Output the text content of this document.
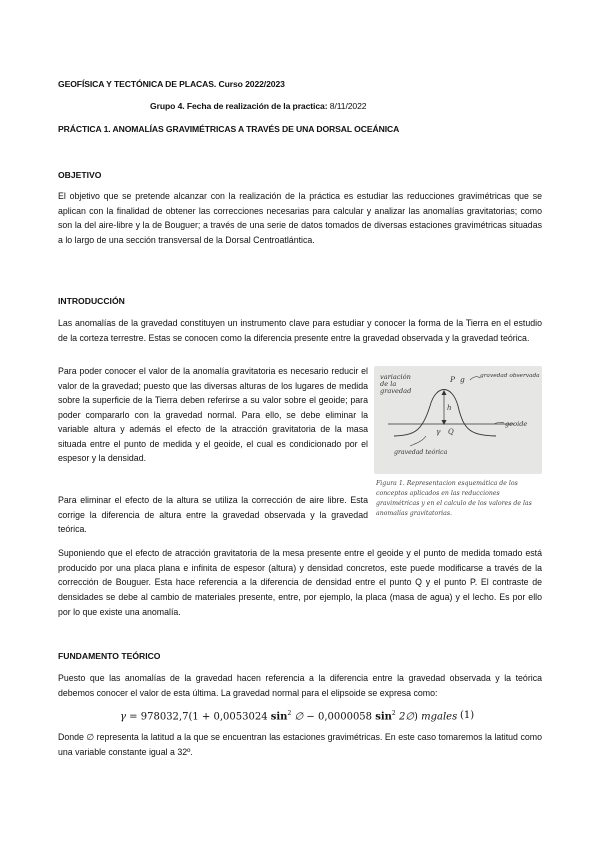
GEOFÍSICA Y TECTÓNICA DE PLACAS. Curso 2022/2023
Grupo 4. Fecha de realización de la practica: 8/11/2022
PRÁCTICA 1. ANOMALÍAS GRAVIMÉTRICAS A TRAVÉS DE UNA DORSAL OCEÁNICA
OBJETIVO
El objetivo que se pretende alcanzar con la realización de la práctica es estudiar las reducciones gravimétricas que se aplican con la finalidad de obtener las correcciones necesarias para calcular y analizar las anomalías gravitatorias; como son la del aire-libre y la de Bouguer; a través de una serie de datos tomados de diversas estaciones gravimétricas situadas a lo largo de una sección transversal de la Dorsal Centroatlántica.
INTRODUCCIÓN
Las anomalías de la gravedad constituyen un instrumento clave para estudiar y conocer la forma de la Tierra en el estudio de la corteza terrestre. Estas se conocen como la diferencia presente entre la gravedad observada y la gravedad teórica.
Para poder conocer el valor de la anomalía gravitatoria es necesario reducir el valor de la gravedad; puesto que las diversas alturas de los lugares de medida sobre la superficie de la Tierra deben referirse a su valor sobre el geoide; para poder compararlo con la gravedad normal. Para ello, se debe eliminar la variable altura y además el efecto de la atracción gravitatoria de la masa situada entre el punto de medida y el geoide, el cual es condicionado por el espesor y la densidad.
Para eliminar el efecto de la altura se utiliza la corrección de aire libre. Esta corrige la diferencia de altura entre la gravedad observada y la gravedad teórica.
variación de la gravedad
P g	gravedad observada
h
geoide
γ Q
gravedad teórica
Figura 1. Representacion esquemática de los conceptos aplicados en las reducciones gravimétricas y en el calculo de los valores de las anomalías gravitatorias.
Suponiendo que el efecto de atracción gravitatoria de la mesa presente entre el geoide y el punto de medida tomado está producido por una placa plana e infinita de espesor (altura) y densidad concretos, este puede modificarse a través de la corrección de Bouguer. Esta hace referencia a la diferencia de densidad entre el punto Q y el punto P. El contraste de densidades se debe al cambio de materiales presente, entre, por ejemplo, la placa (masa de agua) y el lecho. Es por ello por lo que existe una anomalía.
FUNDAMENTO TEÓRICO
Puesto que las anomalías de la gravedad hacen referencia a la diferencia entre la gravedad observada y la teórica debemos conocer el valor de esta última. La gravedad normal para el elipsoide se expresa como:
γ = 978032,7(1 + 0,0053024 $\sin^2$ ∅ − 0,0000058 $\sin^2$ 2∅) mgales (1)
Donde ∅ representa la latitud a la que se encuentran las estaciones gravimétricas. En este caso tomaremos la latitud como una variable constante igual a 32º.
